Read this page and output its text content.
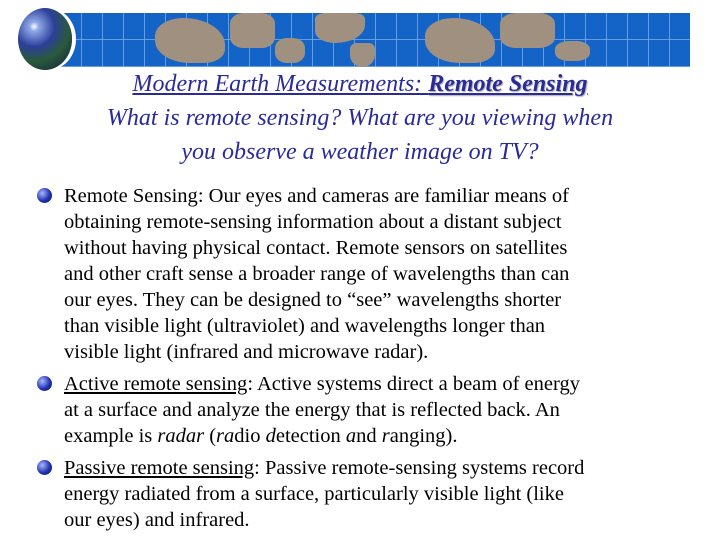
Modern Earth Measurements: Remote Sensing
What is remote sensing? What are you viewing when
you observe a weather image on TV?
Remote Sensing: Our eyes and cameras are familiar means of
obtaining remote-sensing information about a distant subject
without having physical contact. Remote sensors on satellites
and other craft sense a broader range of wavelengths than can
our eyes. They can be designed to “see” wavelengths shorter
than visible light (ultraviolet) and wavelengths longer than
visible light (infrared and microwave radar).
Active remote sensing: Active systems direct a beam of energy
at a surface and analyze the energy that is reflected back. An
example is radar (radio detection and ranging).
Passive remote sensing: Passive remote-sensing systems record
energy radiated from a surface, particularly visible light (like
our eyes) and infrared.
